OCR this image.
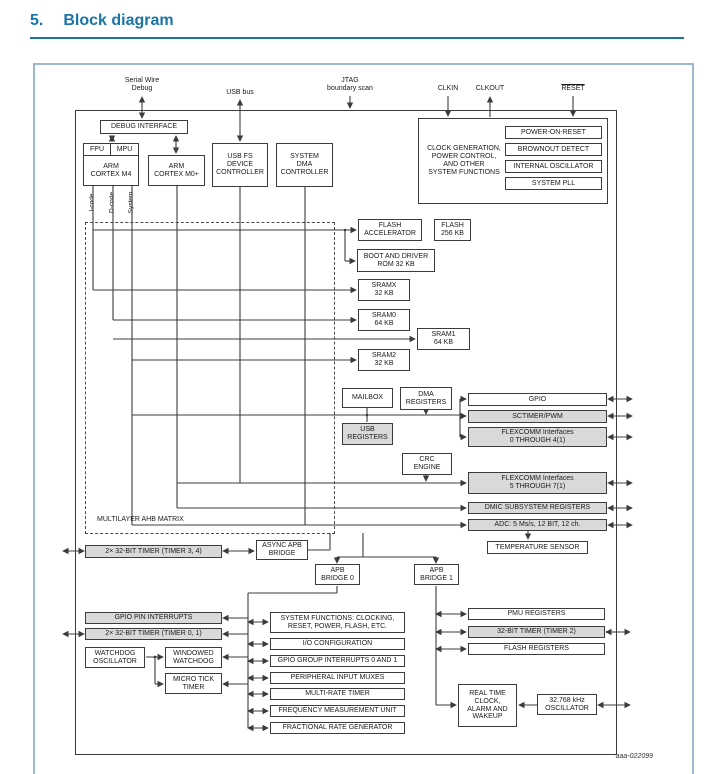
5. Block diagram
Serial Wire
Debug
USB bus
JTAG
boundary scan	CLKIN	CLKOUT	RESET
DEBUG INTERFACE
FPU	MPU
ARM
CORTEX M4
ARM
CORTEX M0+
USB FS
DEVICE
CONTROLLER
SYSTEM
DMA
CONTROLLER
CLOCK GENERATION,
POWER CONTROL,
AND OTHER
SYSTEM FUNCTIONS
POWER-ON-RESET
BROWNOUT DETECT
INTERNAL OSCILLATOR
SYSTEM PLL
FLASH
ACCELERATOR
FLASH
256 KB
BOOT AND DRIVER
ROM 32 KB
SRAMX
32 KB
SRAM0
64 KB
SRAM1
64 KB
SRAM2
32 KB
MAILBOX	DMA
REGISTERS	GPIO
SCTIMER/PWM
FLEXCOMM Interfaces
0 THROUGH 4(1)
USB
REGISTERS
CRC
ENGINE
FLEXCOMM Interfaces
5 THROUGH 7(1)
DMIC SUBSYSTEM REGISTERS
ADC: 5 Ms/s, 12 BIT, 12 ch.
TEMPERATURE SENSOR
MULTILAYER AHB MATRIX
I-code	D-code	System
2× 32-BIT TIMER (TIMER 3, 4)
ASYNC APB
BRIDGE
APB
BRIDGE 0
APB
BRIDGE 1
GPIO PIN INTERRUPTS
2× 32-BIT TIMER (TIMER 0, 1)
WATCHDOG
OSCILLATOR
WINDOWED
WATCHDOG
MICRO TICK
TIMER
SYSTEM FUNCTIONS: CLOCKING,
RESET, POWER, FLASH, ETC.
I/O CONFIGURATION
GPIO GROUP INTERRUPTS 0 AND 1
PERIPHERAL INPUT MUXES
MULTI-RATE TIMER
FREQUENCY MEASUREMENT UNIT
FRACTIONAL RATE GENERATOR
PMU REGISTERS
32-BIT TIMER (TIMER 2)
FLASH REGISTERS
REAL TIME
CLOCK,
ALARM AND
WAKEUP
32.768 kHz
OSCILLATOR
aaa-022099
